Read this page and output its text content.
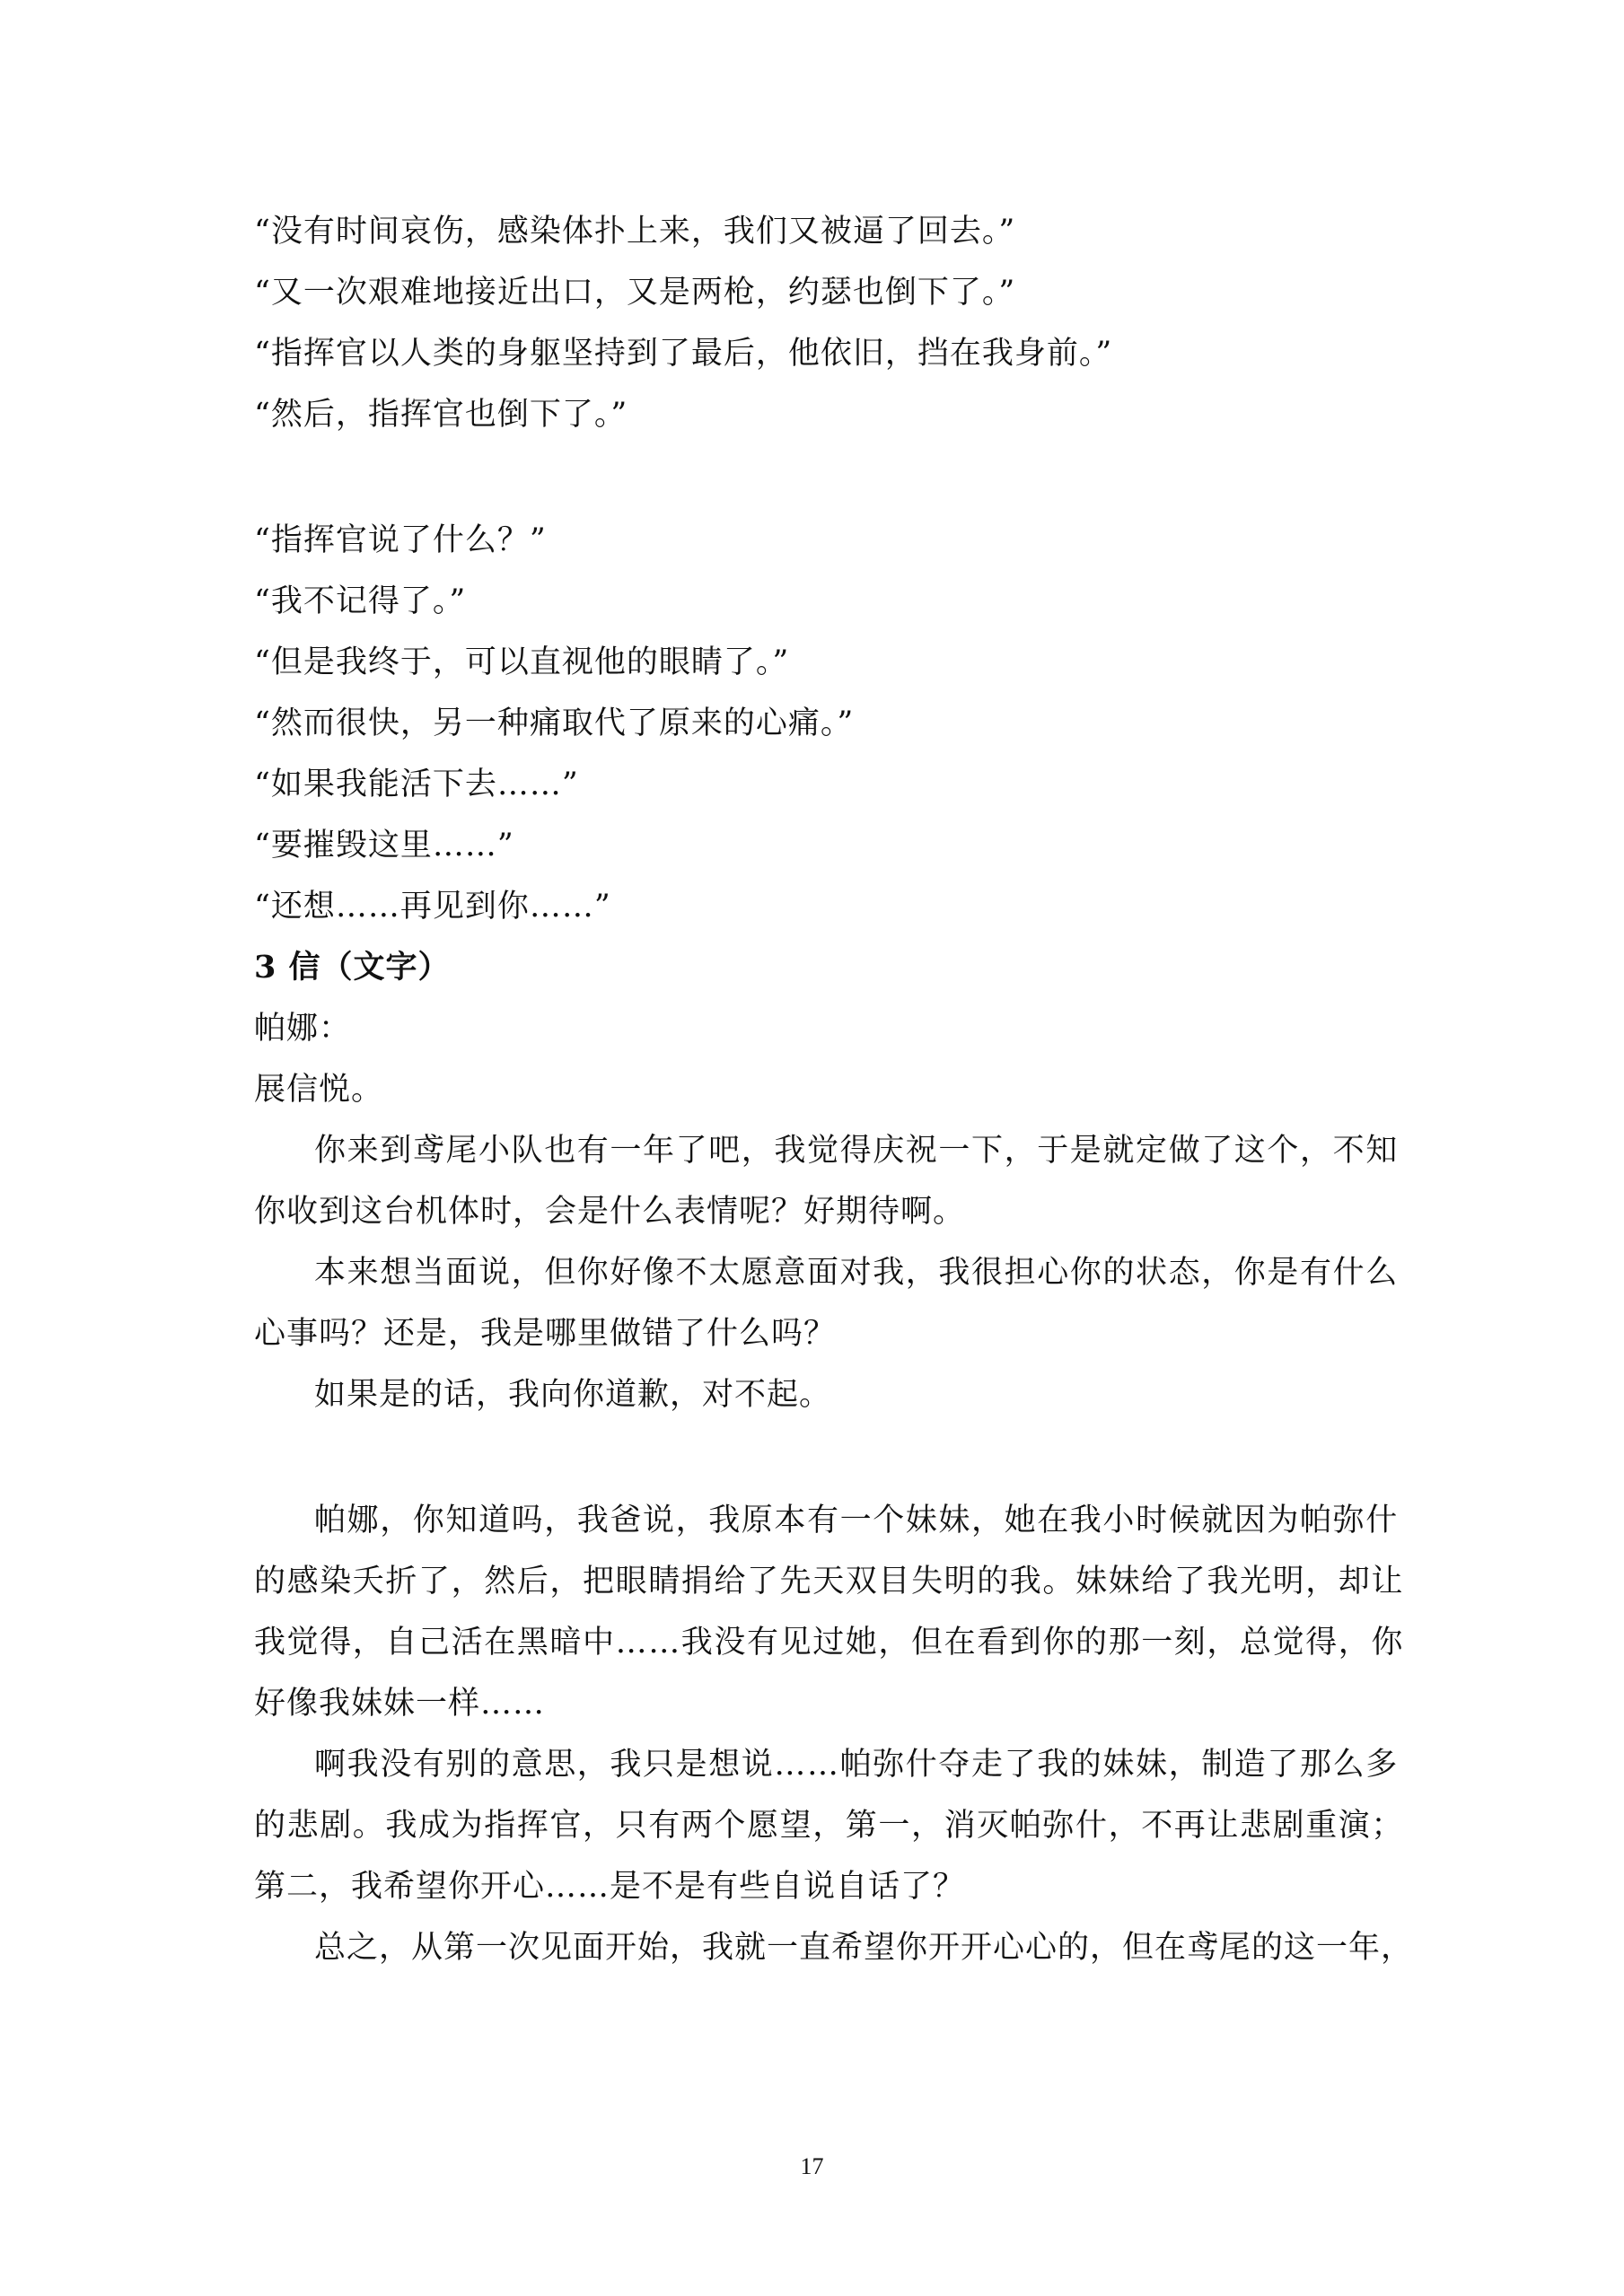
“没有时间哀伤，感染体扑上来，我们又被逼了回去。”
“又一次艰难地接近出口，又是两枪，约瑟也倒下了。”
“指挥官以人类的身躯坚持到了最后，他依旧，挡在我身前。”
“然后，指挥官也倒下了。”
“指挥官说了什么？”
“我不记得了。”
“但是我终于，可以直视他的眼睛了。”
“然而很快，另一种痛取代了原来的心痛。”
“如果我能活下去……”
“要摧毁这里……”
“还想……再见到你……”
3 信（文字）
帕娜：
展信悦。
你来到鸢尾小队也有一年了吧，我觉得庆祝一下，于是就定做了这个，不知
你收到这台机体时，会是什么表情呢？好期待啊。
本来想当面说，但你好像不太愿意面对我，我很担心你的状态，你是有什么
心事吗？还是，我是哪里做错了什么吗？
如果是的话，我向你道歉，对不起。
帕娜，你知道吗，我爸说，我原本有一个妹妹，她在我小时候就因为帕弥什
的感染夭折了，然后，把眼睛捐给了先天双目失明的我。妹妹给了我光明，却让
我觉得，自己活在黑暗中……我没有见过她，但在看到你的那一刻，总觉得，你
好像我妹妹一样……
啊我没有别的意思，我只是想说……帕弥什夺走了我的妹妹，制造了那么多
的悲剧。我成为指挥官，只有两个愿望，第一，消灭帕弥什，不再让悲剧重演；
第二，我希望你开心……是不是有些自说自话了？
总之，从第一次见面开始，我就一直希望你开开心心的，但在鸢尾的这一年，
17
